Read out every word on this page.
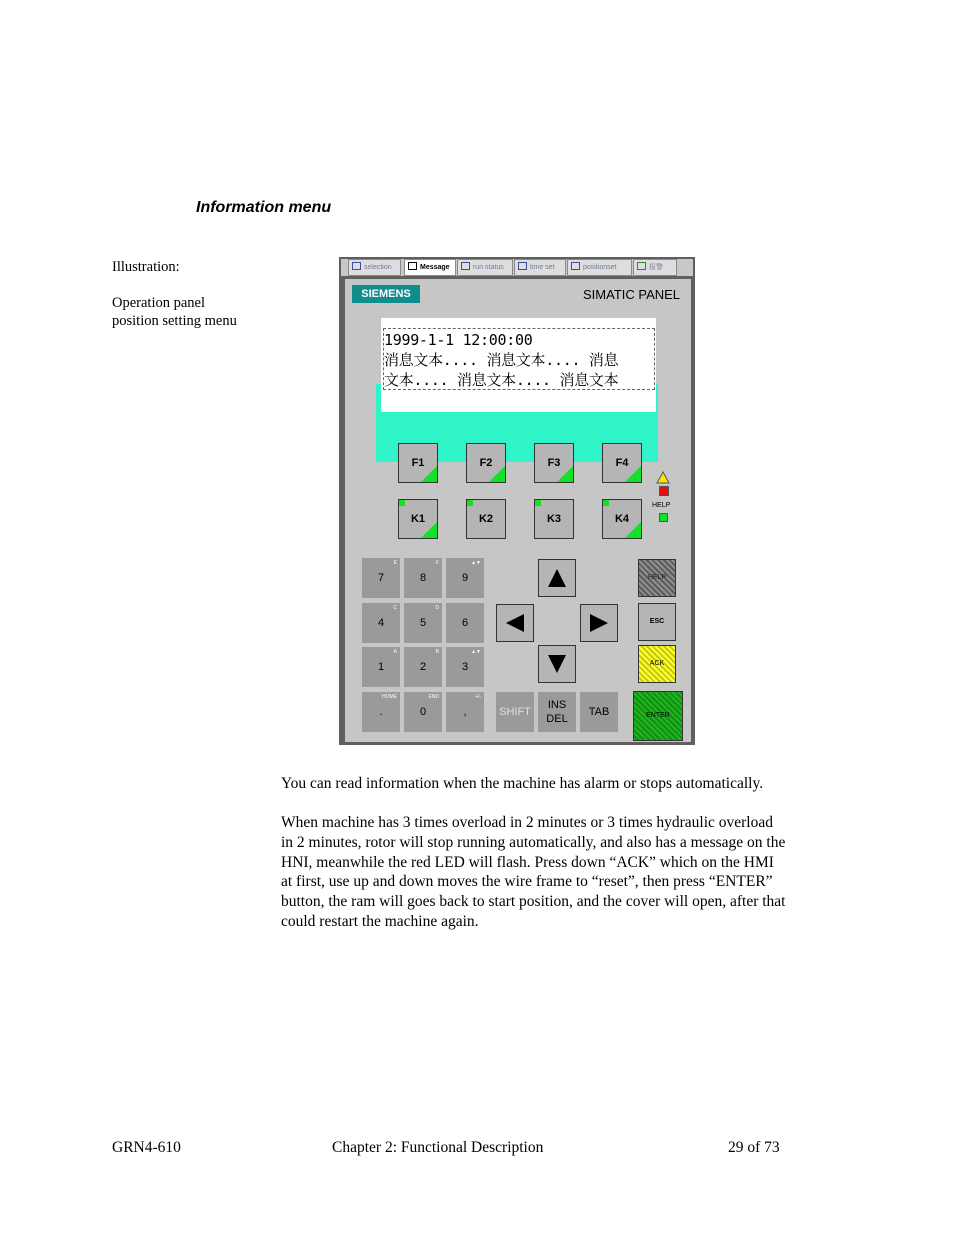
Information menu
Illustration:
Operation panel
position setting menu
selection	Message	run status	time set	positionset	报警
SIEMENS	SIMATIC PANEL
1999-1-1 12:00:00
消息文本.... 消息文本.... 消息
文本.... 消息文本.... 消息文本
F1	F2	F3	F4
K1	K2	K3	K4
HELP
E
7
F
8
▲▼
9
C
4
D
5	6
A
1
B
2
▲▼
3
HOME
.
END
0
+/-
,	SHIFT
INS
DEL
TAB
HELP
ESC
ACK
ENTER
You can read information when the machine has alarm or stops automatically.
When machine has 3 times overload in 2 minutes or 3 times hydraulic overload
in 2 minutes, rotor will stop running automatically, and also has a message on the
HNI, meanwhile the red LED will flash. Press down “ACK” which on the HMI
at first, use up and down moves the wire frame to “reset”, then press “ENTER”
button, the ram will goes back to start position, and the cover will open, after that
could restart the machine again.
GRN4-610	Chapter 2: Functional Description	29 of 73
